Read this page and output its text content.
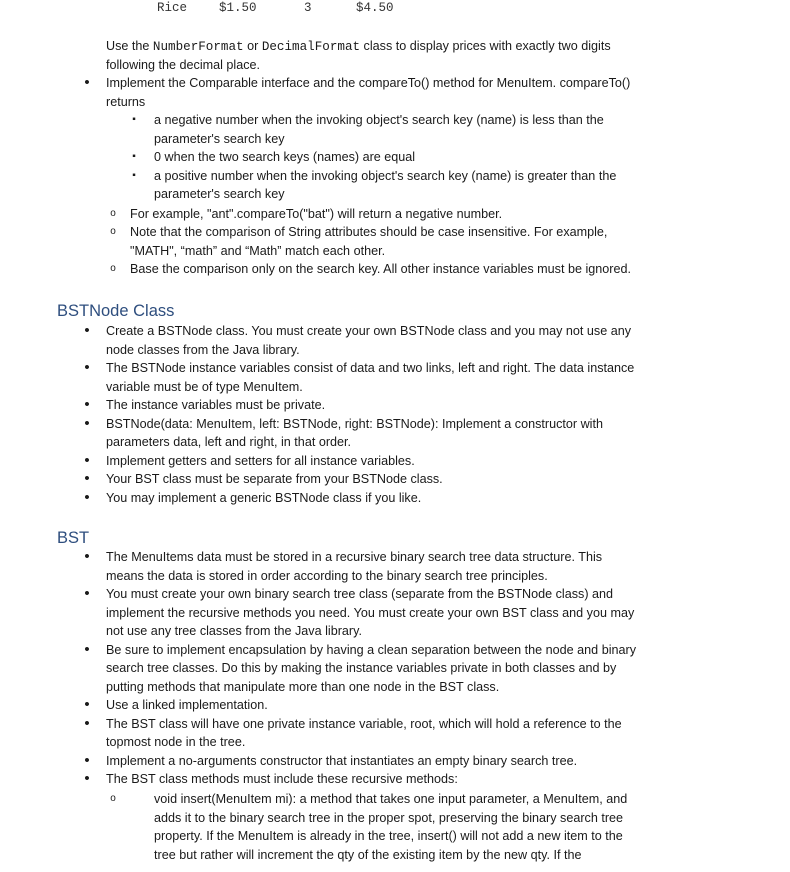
Rice	$1.50	3	$4.50
Use the NumberFormat or DecimalFormat class to display prices with exactly two digits
following the decimal place.
• Implement the Comparable interface and the compareTo() method for MenuItem. compareTo()
returns
▪ a negative number when the invoking object's search key (name) is less than the
parameter's search key
▪ 0 when the two search keys (names) are equal
▪ a positive number when the invoking object's search key (name) is greater than the
parameter's search key
o For example, "ant".compareTo("bat") will return a negative number.
o Note that the comparison of String attributes should be case insensitive. For example,
"MATH", “math” and “Math” match each other.
o Base the comparison only on the search key. All other instance variables must be ignored.
BSTNode Class
• Create a BSTNode class. You must create your own BSTNode class and you may not use any
node classes from the Java library.
• The BSTNode instance variables consist of data and two links, left and right. The data instance
variable must be of type MenuItem.
• The instance variables must be private.
• BSTNode(data: MenuItem, left: BSTNode, right: BSTNode): Implement a constructor with
parameters data, left and right, in that order.
• Implement getters and setters for all instance variables.
• Your BST class must be separate from your BSTNode class.
• You may implement a generic BSTNode class if you like.
BST
• The MenuItems data must be stored in a recursive binary search tree data structure. This
means the data is stored in order according to the binary search tree principles.
• You must create your own binary search tree class (separate from the BSTNode class) and
implement the recursive methods you need. You must create your own BST class and you may
not use any tree classes from the Java library.
• Be sure to implement encapsulation by having a clean separation between the node and binary
search tree classes. Do this by making the instance variables private in both classes and by
putting methods that manipulate more than one node in the BST class.
• Use a linked implementation.
• The BST class will have one private instance variable, root, which will hold a reference to the
topmost node in the tree.
• Implement a no-arguments constructor that instantiates an empty binary search tree.
• The BST class methods must include these recursive methods:
o	void insert(MenuItem mi): a method that takes one input parameter, a MenuItem, and
adds it to the binary search tree in the proper spot, preserving the binary search tree
property. If the MenuItem is already in the tree, insert() will not add a new item to the
tree but rather will increment the qty of the existing item by the new qty. If the
